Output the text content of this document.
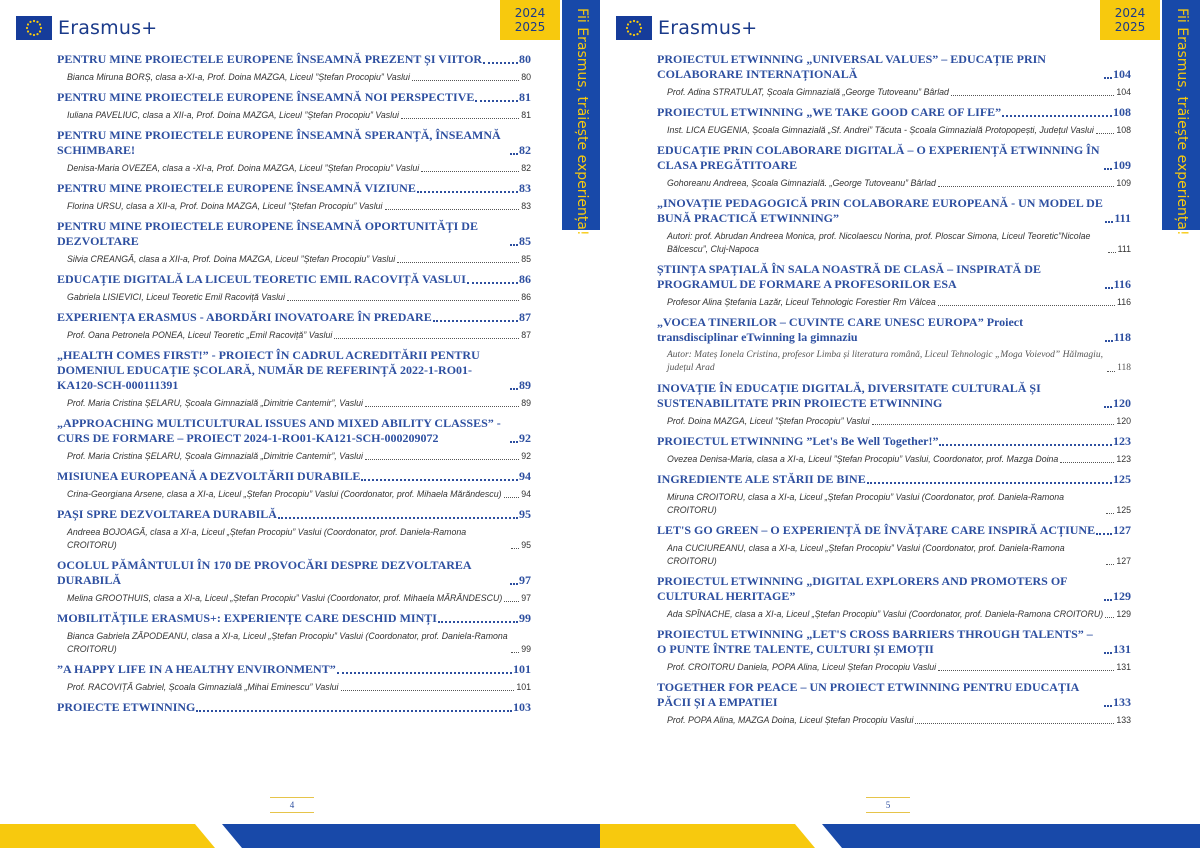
Erasmus+
2024
2025 Fii Erasmus, trăiește experiența!
PENTRU MINE PROIECTELE EUROPENE ÎNSEAMNĂ PREZENT ȘI VIITOR	80
Bianca Miruna BORȘ, clasa a-XI-a, Prof. Doina MAZGA, Liceul ”Ștefan Procopiu” Vaslui	80
PENTRU MINE PROIECTELE EUROPENE ÎNSEAMNĂ NOI PERSPECTIVE	81
Iuliana PAVELIUC, clasa a XII-a, Prof. Doina MAZGA, Liceul ”Ștefan Procopiu” Vaslui	81
PENTRU MINE PROIECTELE EUROPENE ÎNSEAMNĂ SPERANȚĂ, ÎNSEAMNĂ SCHIMBARE!	82
Denisa-Maria OVEZEA, clasa a -XI-a, Prof. Doina MAZGA, Liceul ”Ștefan Procopiu” Vaslui	82
PENTRU MINE PROIECTELE EUROPENE ÎNSEAMNĂ VIZIUNE	83
Florina URSU, clasa a XII-a, Prof. Doina MAZGA, Liceul ”Ștefan Procopiu” Vaslui	83
PENTRU MINE PROIECTELE EUROPENE ÎNSEAMNĂ OPORTUNITĂȚI DE DEZVOLTARE	85
Silvia CREANGĂ, clasa a XII-a, Prof. Doina MAZGA, Liceul ”Ștefan Procopiu” Vaslui	85
EDUCAȚIE DIGITALĂ LA LICEUL TEORETIC EMIL RACOVIȚĂ VASLUI	86
Gabriela LISIEVICI, Liceul Teoretic Emil Racoviță Vaslui	86
EXPERIENȚA ERASMUS - ABORDĂRI INOVATOARE ÎN PREDARE	87
Prof. Oana Petronela PONEA, Liceul Teoretic „Emil Racoviță” Vaslui	87
„HEALTH COMES FIRST!” - PROIECT ÎN CADRUL ACREDITĂRII PENTRU DOMENIUL EDUCAȚIE ȘCOLARĂ, NUMĂR DE REFERINȚĂ 2022-1-RO01-KA120-SCH-000111391	89
Prof. Maria Cristina ȘELARU, Școala Gimnazială „Dimitrie Cantemir”, Vaslui	89
„APPROACHING MULTICULTURAL ISSUES AND MIXED ABILITY CLASSES” - CURS DE FORMARE – PROIECT 2024-1-RO01-KA121-SCH-000209072	92
Prof. Maria Cristina ȘELARU, Școala Gimnazială „Dimitrie Cantemir”, Vaslui	92
MISIUNEA EUROPEANĂ A DEZVOLTĂRII DURABILE	94
Crina-Georgiana Arsene, clasa a XI-a, Liceul „Ștefan Procopiu” Vaslui (Coordonator, prof. Mihaela Mărăndescu) 94
PAȘI SPRE DEZVOLTAREA DURABILĂ	95
Andreea BOJOAGĂ, clasa a XI-a, Liceul „Ștefan Procopiu” Vaslui (Coordonator, prof. Daniela-Ramona CROITORU)	95
OCOLUL PĂMÂNTULUI ÎN 170 DE PROVOCĂRI DESPRE DEZVOLTAREA DURABILĂ	97
Melina GROOTHUIS, clasa a XI-a, Liceul „Ștefan Procopiu” Vaslui (Coordonator, prof. Mihaela MĂRĂNDESCU) 97
MOBILITĂȚILE ERASMUS+: EXPERIENȚE CARE DESCHID MINȚI	99
Bianca Gabriela ZĂPODEANU, clasa a XI-a, Liceul „Ștefan Procopiu” Vaslui (Coordonator, prof. Daniela-Ramona CROITORU)	99
”A HAPPY LIFE IN A HEALTHY ENVIRONMENT”	101
Prof. RACOVIȚĂ Gabriel, Școala Gimnazială „Mihai Eminescu” Vaslui	101
PROIECTE ETWINNING	103
4
Erasmus+
2024
2025 Fii Erasmus, trăiește experiența!
PROIECTUL ETWINNING „UNIVERSAL VALUES” – EDUCAȚIE PRIN COLABORARE INTERNAȚIONALĂ	104
Prof. Adina STRATULAT, Școala Gimnazială „George Tutoveanu” Bârlad	104
PROIECTUL ETWINNING „WE TAKE GOOD CARE OF LIFE”	108
Inst. LICA EUGENIA, Școala Gimnazială „Sf. Andrei” Tăcuta - Școala Gimnazială Protopopești, Județul Vaslui	108
EDUCAȚIE PRIN COLABORARE DIGITALĂ – O EXPERIENȚĂ ETWINNING ÎN CLASA PREGĂTITOARE	109
Gohoreanu Andreea, Școala Gimnazială. „George Tutoveanu” Bârlad	109
„INOVAȚIE PEDAGOGICĂ PRIN COLABORARE EUROPEANĂ - UN MODEL DE BUNĂ PRACTICĂ ETWINNING”	111
Autori: prof. Abrudan Andreea Monica, prof. Nicolaescu Norina, prof. Ploscar Simona, Liceul Teoretic”Nicolae Bălcescu”, Cluj-Napoca	111
ȘTIINȚA SPAȚIALĂ ÎN SALA NOASTRĂ DE CLASĂ – INSPIRATĂ DE PROGRAMUL DE FORMARE A PROFESORILOR ESA	116
Profesor Alina Ștefania Lazăr, Liceul Tehnologic Forestier Rm Vâlcea	116
„VOCEA TINERILOR – CUVINTE CARE UNESC EUROPA” Proiect transdisciplinar eTwinning la gimnaziu	118
Autor: Mateș Ionela Cristina, profesor Limba și literatura română, Liceul Tehnologic „Moga Voievod” Hălmagiu, județul Arad	118
INOVAȚIE ÎN EDUCAȚIE DIGITALĂ, DIVERSITATE CULTURALĂ ȘI SUSTENABILITATE PRIN PROIECTE ETWINNING	120
Prof. Doina MAZGA, Liceul ”Ștefan Procopiu” Vaslui	120
PROIECTUL ETWINNING ”Let's Be Well Together!”	123
Ovezea Denisa-Maria, clasa a XI-a, Liceul ”Ștefan Procopiu” Vaslui, Coordonator, prof. Mazga Doina	123
INGREDIENTE ALE STĂRII DE BINE	125
Miruna CROITORU, clasa a XI-a, Liceul „Ștefan Procopiu” Vaslui (Coordonator, prof. Daniela-Ramona CROITORU)	125
LET'S GO GREEN – O EXPERIENȚĂ DE ÎNVĂȚARE CARE INSPIRĂ ACȚIUNE 127
Ana CUCIUREANU, clasa a XI-a, Liceul „Ștefan Procopiu” Vaslui (Coordonator, prof. Daniela-Ramona CROITORU)	127
PROIECTUL ETWINNING „DIGITAL EXPLORERS AND PROMOTERS OF CULTURAL HERITAGE”	129
Ada SPÎNACHE, clasa a XI-a, Liceul „Ștefan Procopiu” Vaslui (Coordonator, prof. Daniela-Ramona CROITORU) 129
PROIECTUL ETWINNING „LET'S CROSS BARRIERS THROUGH TALENTS” – O PUNTE ÎNTRE TALENTE, CULTURI ȘI EMOȚII	131
Prof. CROITORU Daniela, POPA Alina, Liceul Ștefan Procopiu Vaslui	131
TOGETHER FOR PEACE – UN PROIECT ETWINNING PENTRU EDUCAȚIA PĂCII ȘI A EMPATIEI	133
Prof. POPA Alina, MAZGA Doina, Liceul Ștefan Procopiu Vaslui	133
5
